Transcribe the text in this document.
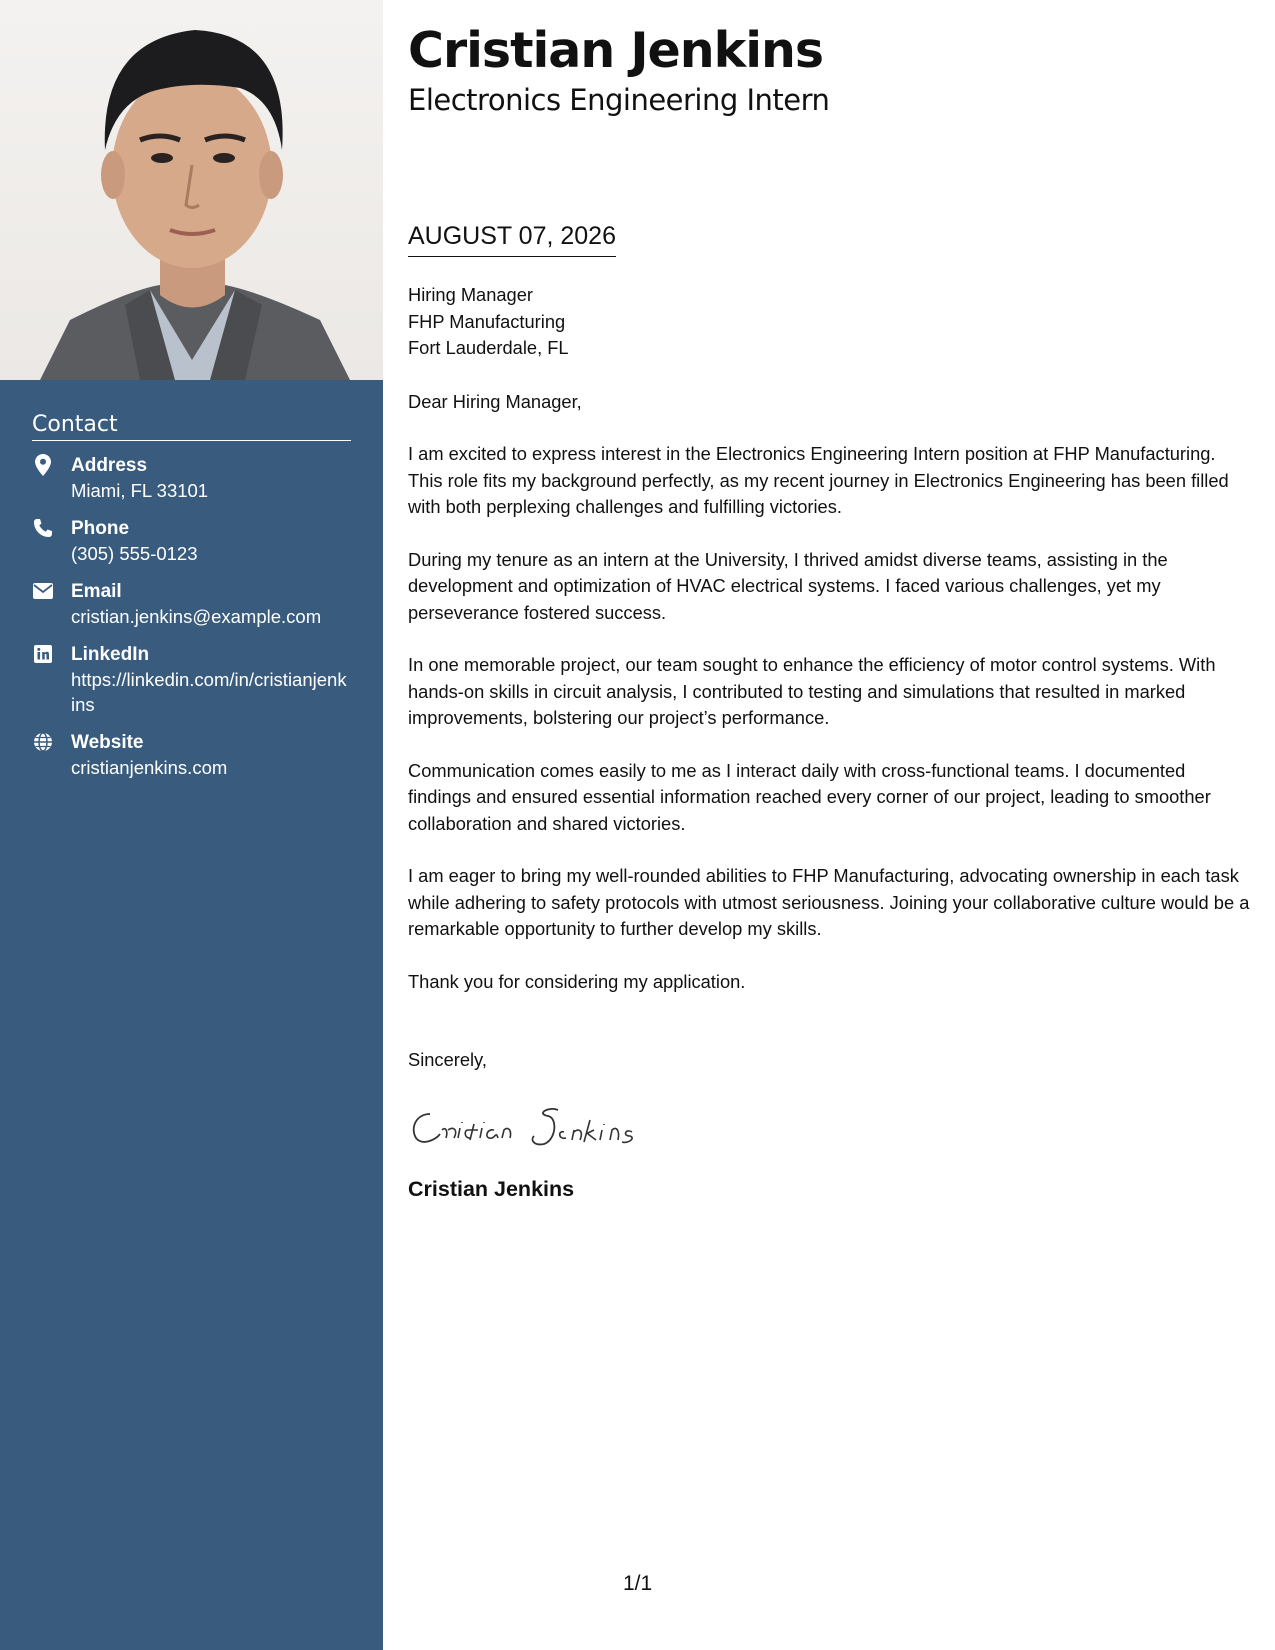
Contact
Address
Miami, FL 33101
Phone
(305) 555-0123
Email
cristian.jenkins@example.com
LinkedIn
https://linkedin.com/in/cristianjenkins
Website
cristianjenkins.com
Cristian Jenkins
Electronics Engineering Intern
AUGUST 07, 2026
Hiring Manager
FHP Manufacturing
Fort Lauderdale, FL
Dear Hiring Manager,

I am excited to express interest in the Electronics Engineering Intern position at FHP Manufacturing. This role fits my background perfectly, as my recent journey in Electronics Engineering has been filled with both perplexing challenges and fulfilling victories.

During my tenure as an intern at the University, I thrived amidst diverse teams, assisting in the development and optimization of HVAC electrical systems. I faced various challenges, yet my perseverance fostered success.

In one memorable project, our team sought to enhance the efficiency of motor control systems. With hands-on skills in circuit analysis, I contributed to testing and simulations that resulted in marked improvements, bolstering our project’s performance.

Communication comes easily to me as I interact daily with cross-functional teams. I documented findings and ensured essential information reached every corner of our project, leading to smoother collaboration and shared victories.

I am eager to bring my well-rounded abilities to FHP Manufacturing, advocating ownership in each task while adhering to safety protocols with utmost seriousness. Joining your collaborative culture would be a remarkable opportunity to further develop my skills.

Thank you for considering my application.

Sincerely,
Cristian Jenkins
1/1
